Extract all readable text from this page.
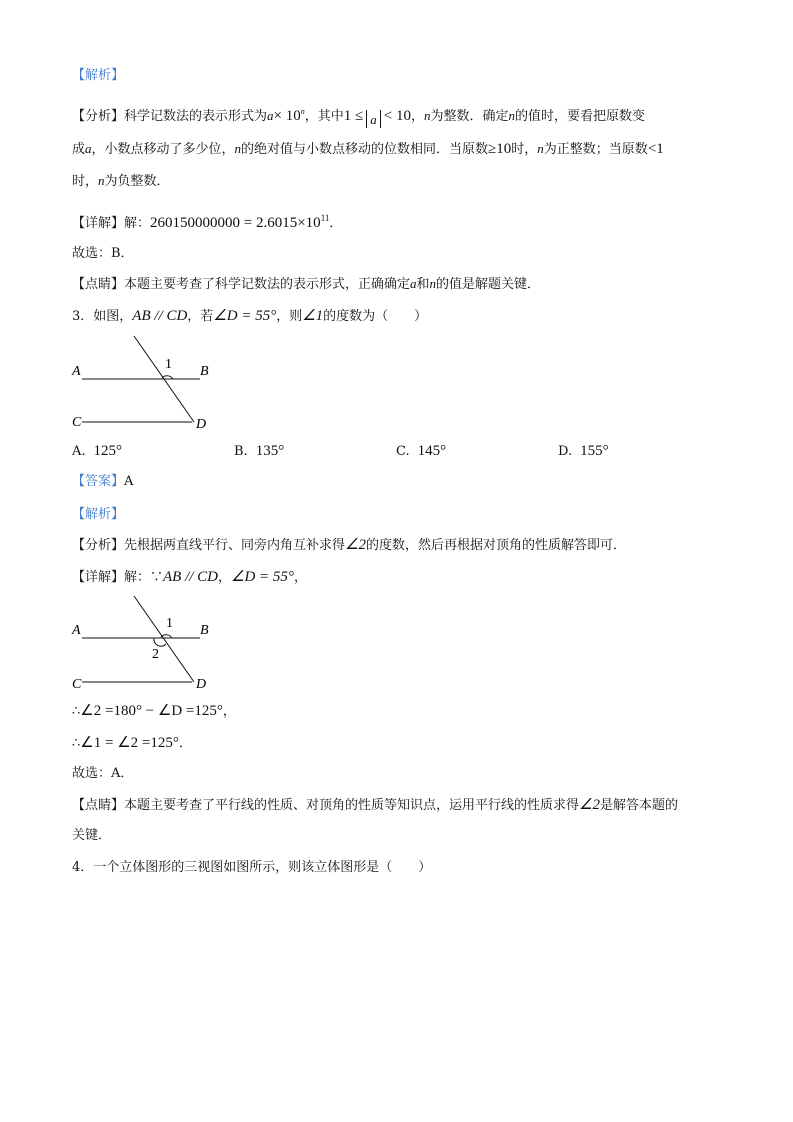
【解析】
【分析】科学记数法的表示形式为$a\times 10^n$，其中1 ≤ a < 10，n为整数．确定n的值时，要看把原数变
成a，小数点移动了多少位，n的绝对值与小数点移动的位数相同．当原数≥10时，n为正整数；当原数<1
时，n为负整数．
【详解】解：$260150000000 = 2.6015\times 10^{11}$．
故选：B．
【点睛】本题主要考查了科学记数法的表示形式，正确确定a和n的值是解题关键．
3．如图，AB // CD，若∠D = 55°，则∠1的度数为（　　）
A	B
C	D
1
A. 125°	B. 135°	C. 145°	D. 155°
【答案】A
【解析】
【分析】先根据两直线平行、同旁内角互补求得∠2的度数，然后再根据对顶角的性质解答即可．
【详解】解：∵AB // CD，∠D = 55°，
A	B
C	D
1
2
∴∠2 =180° − ∠D =125°，
∴∠1 = ∠2 =125°．
故选：A．
【点睛】本题主要考查了平行线的性质、对顶角的性质等知识点，运用平行线的性质求得∠2是解答本题的
关键．
4．一个立体图形的三视图如图所示，则该立体图形是（　　）
